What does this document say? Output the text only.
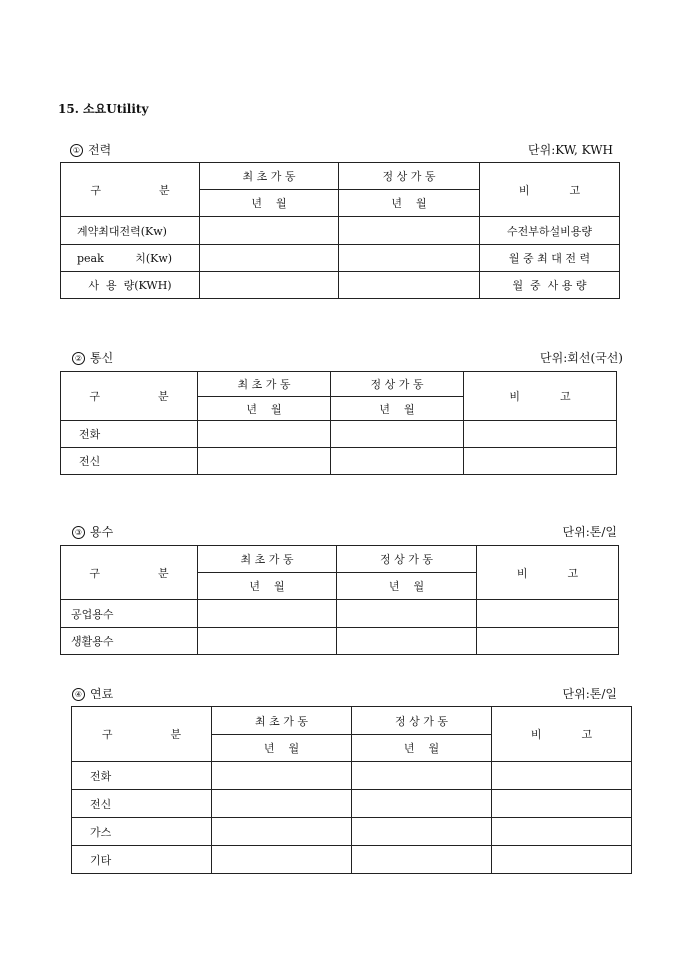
15. 소요Utility
① 전력	단위:KW, KWH
구 분	최 초 가 동	정 상 가 동	비 고
	년    월	년    월	
계약최대전력(Kw)			수전부하설비용량
peak         치(Kw)			월 중 최 대 전 력
사  용  량(KWH)			월  중  사 용 량
② 통신	단위:회선(국선)
구 분	최 초 가 동	정 상 가 동	비 고
	년    월	년    월	
전화			
전신			
③ 용수	단위:톤/일
구 분	최 초 가 동	정 상 가 동	비 고
	년    월	년    월	
공업용수			
생활용수			
④ 연료	단위:톤/일
구 분	최 초 가 동	정 상 가 동	비 고
	년    월	년    월	
전화			
전신			
가스			
기타			
